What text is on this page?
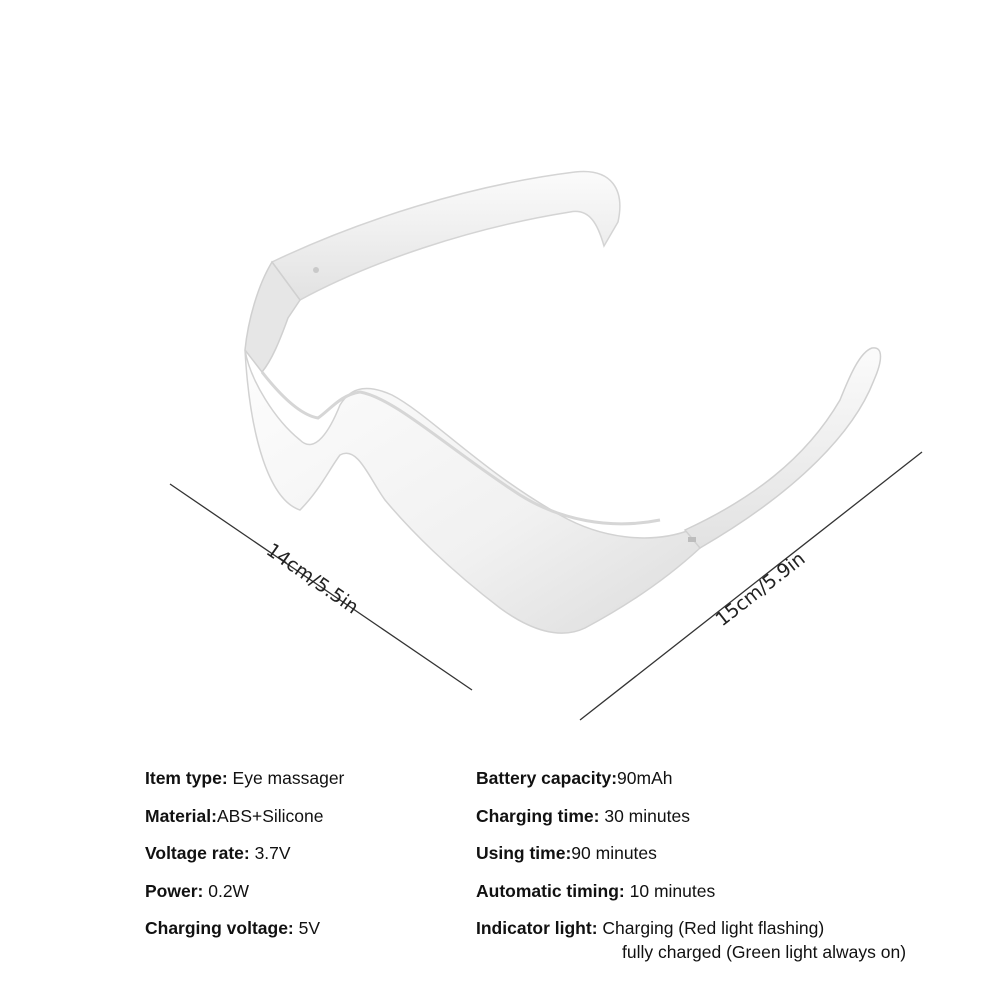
14cm/5.5in	15cm/5.9in
Item type: Eye massager
Material:ABS+Silicone
Voltage rate: 3.7V
Power: 0.2W
Charging voltage: 5V
Battery capacity:90mAh
Charging time: 30 minutes
Using time:90 minutes
Automatic timing: 10 minutes
Indicator light: Charging (Red light flashing)
fully charged (Green light always on)
